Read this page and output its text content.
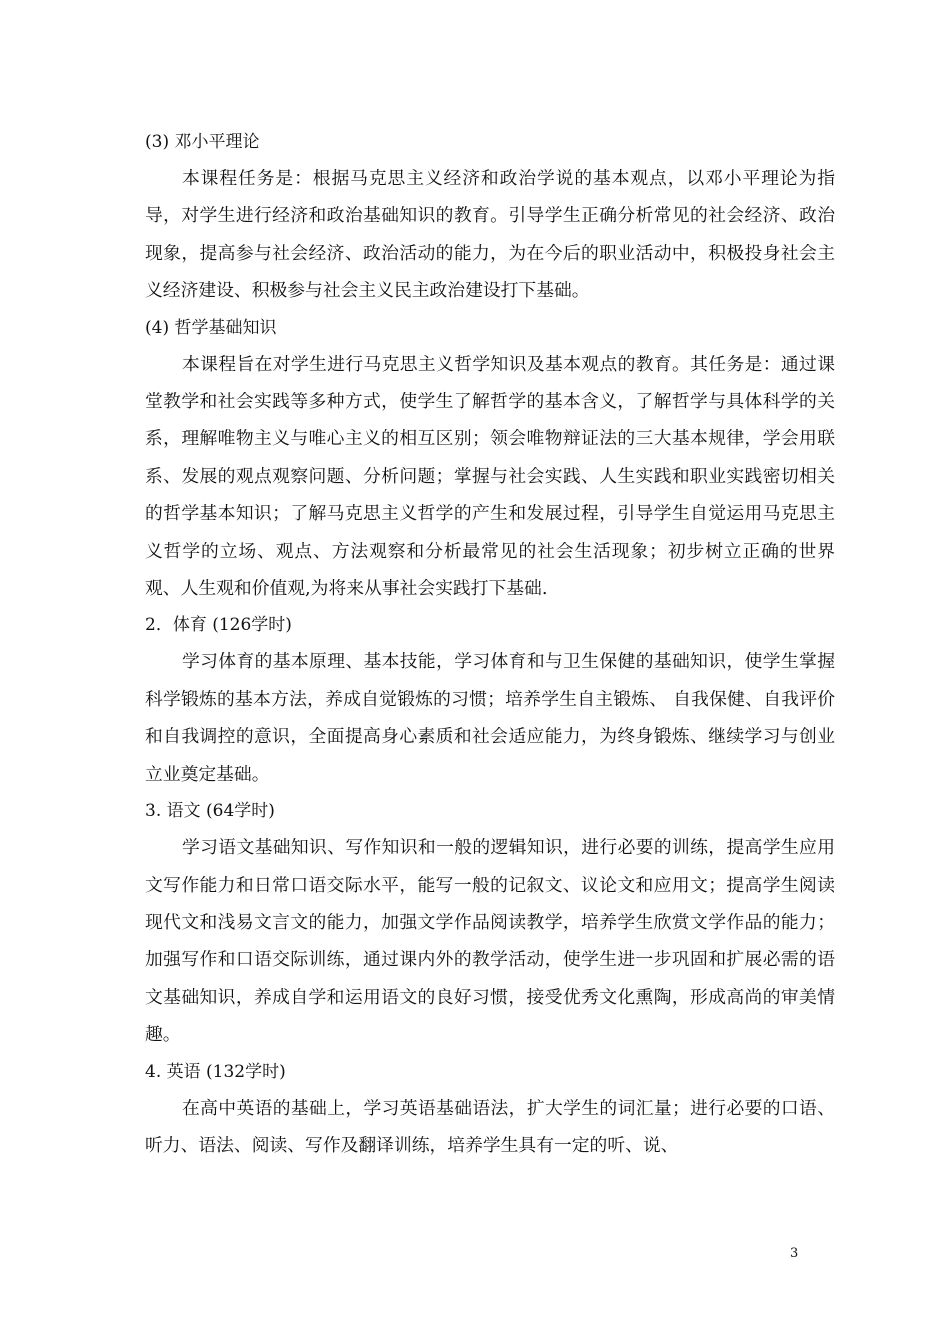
(3) 邓小平理论

本课程任务是：根据马克思主义经济和政治学说的基本观点，以邓小平理论为指导，对学生进行经济和政治基础知识的教育。引导学生正确分析常见的社会经济、政治现象，提高参与社会经济、政治活动的能力，为在今后的职业活动中，积极投身社会主义经济建设、积极参与社会主义民主政治建设打下基础。

(4) 哲学基础知识

本课程旨在对学生进行马克思主义哲学知识及基本观点的教育。其任务是：通过课堂教学和社会实践等多种方式，使学生了解哲学的基本含义，了解哲学与具体科学的关系，理解唯物主义与唯心主义的相互区别；领会唯物辩证法的三大基本规律，学会用联系、发展的观点观察问题、分析问题；掌握与社会实践、人生实践和职业实践密切相关的哲学基本知识；了解马克思主义哲学的产生和发展过程，引导学生自觉运用马克思主义哲学的立场、观点、方法观察和分析最常见的社会生活现象；初步树立正确的世界观、人生观和价值观,为将来从事社会实践打下基础.

2．体育 (126学时)

学习体育的基本原理、基本技能，学习体育和与卫生保健的基础知识，使学生掌握科学锻炼的基本方法，养成自觉锻炼的习惯；培养学生自主锻炼、 自我保健、自我评价和自我调控的意识，全面提高身心素质和社会适应能力，为终身锻炼、继续学习与创业立业奠定基础。

3. 语文 (64学时)

学习语文基础知识、写作知识和一般的逻辑知识，进行必要的训练，提高学生应用文写作能力和日常口语交际水平，能写一般的记叙文、议论文和应用文；提高学生阅读现代文和浅易文言文的能力，加强文学作品阅读教学，培养学生欣赏文学作品的能力；加强写作和口语交际训练，通过课内外的教学活动，使学生进一步巩固和扩展必需的语文基础知识，养成自学和运用语文的良好习惯，接受优秀文化熏陶，形成高尚的审美情趣。

4. 英语 (132学时)

在高中英语的基础上，学习英语基础语法，扩大学生的词汇量；进行必要的口语、听力、语法、阅读、写作及翻译训练，培养学生具有一定的听、说、

3
